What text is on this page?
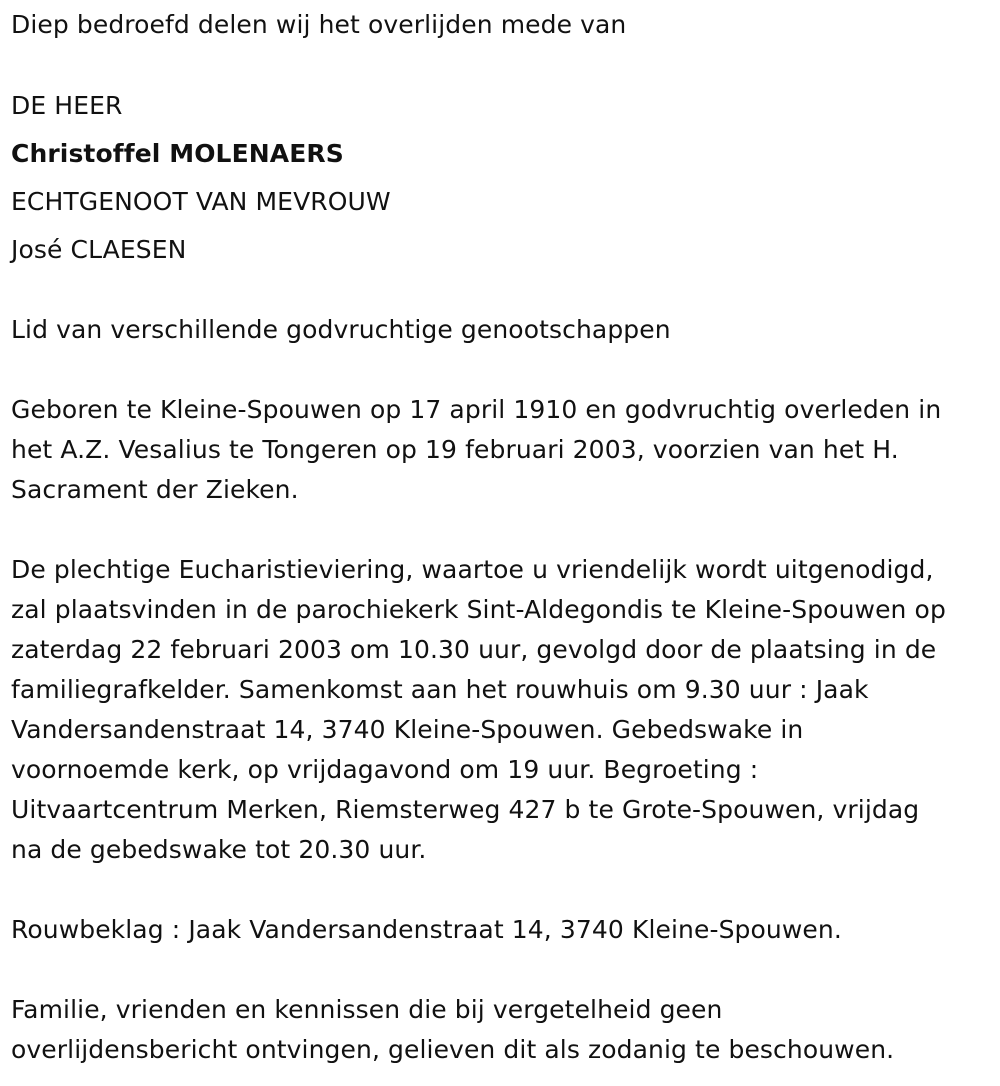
Diep bedroefd delen wij het overlijden mede van

DE HEER

Christoffel MOLENAERS

ECHTGENOOT VAN MEVROUW

José CLAESEN

Lid van verschillende godvruchtige genootschappen

Geboren te Kleine-Spouwen op 17 april 1910 en godvruchtig overleden in

het A.Z. Vesalius te Tongeren op 19 februari 2003, voorzien van het H.

Sacrament der Zieken.

De plechtige Eucharistieviering, waartoe u vriendelijk wordt uitgenodigd,

zal plaatsvinden in de parochiekerk Sint-Aldegondis te Kleine-Spouwen op

zaterdag 22 februari 2003 om 10.30 uur, gevolgd door de plaatsing in de

familiegrafkelder. Samenkomst aan het rouwhuis om 9.30 uur : Jaak

Vandersandenstraat 14, 3740 Kleine-Spouwen. Gebedswake in

voornoemde kerk, op vrijdagavond om 19 uur. Begroeting :

Uitvaartcentrum Merken, Riemsterweg 427 b te Grote-Spouwen, vrijdag

na de gebedswake tot 20.30 uur.

Rouwbeklag : Jaak Vandersandenstraat 14, 3740 Kleine-Spouwen.

Familie, vrienden en kennissen die bij vergetelheid geen

overlijdensbericht ontvingen, gelieven dit als zodanig te beschouwen.
